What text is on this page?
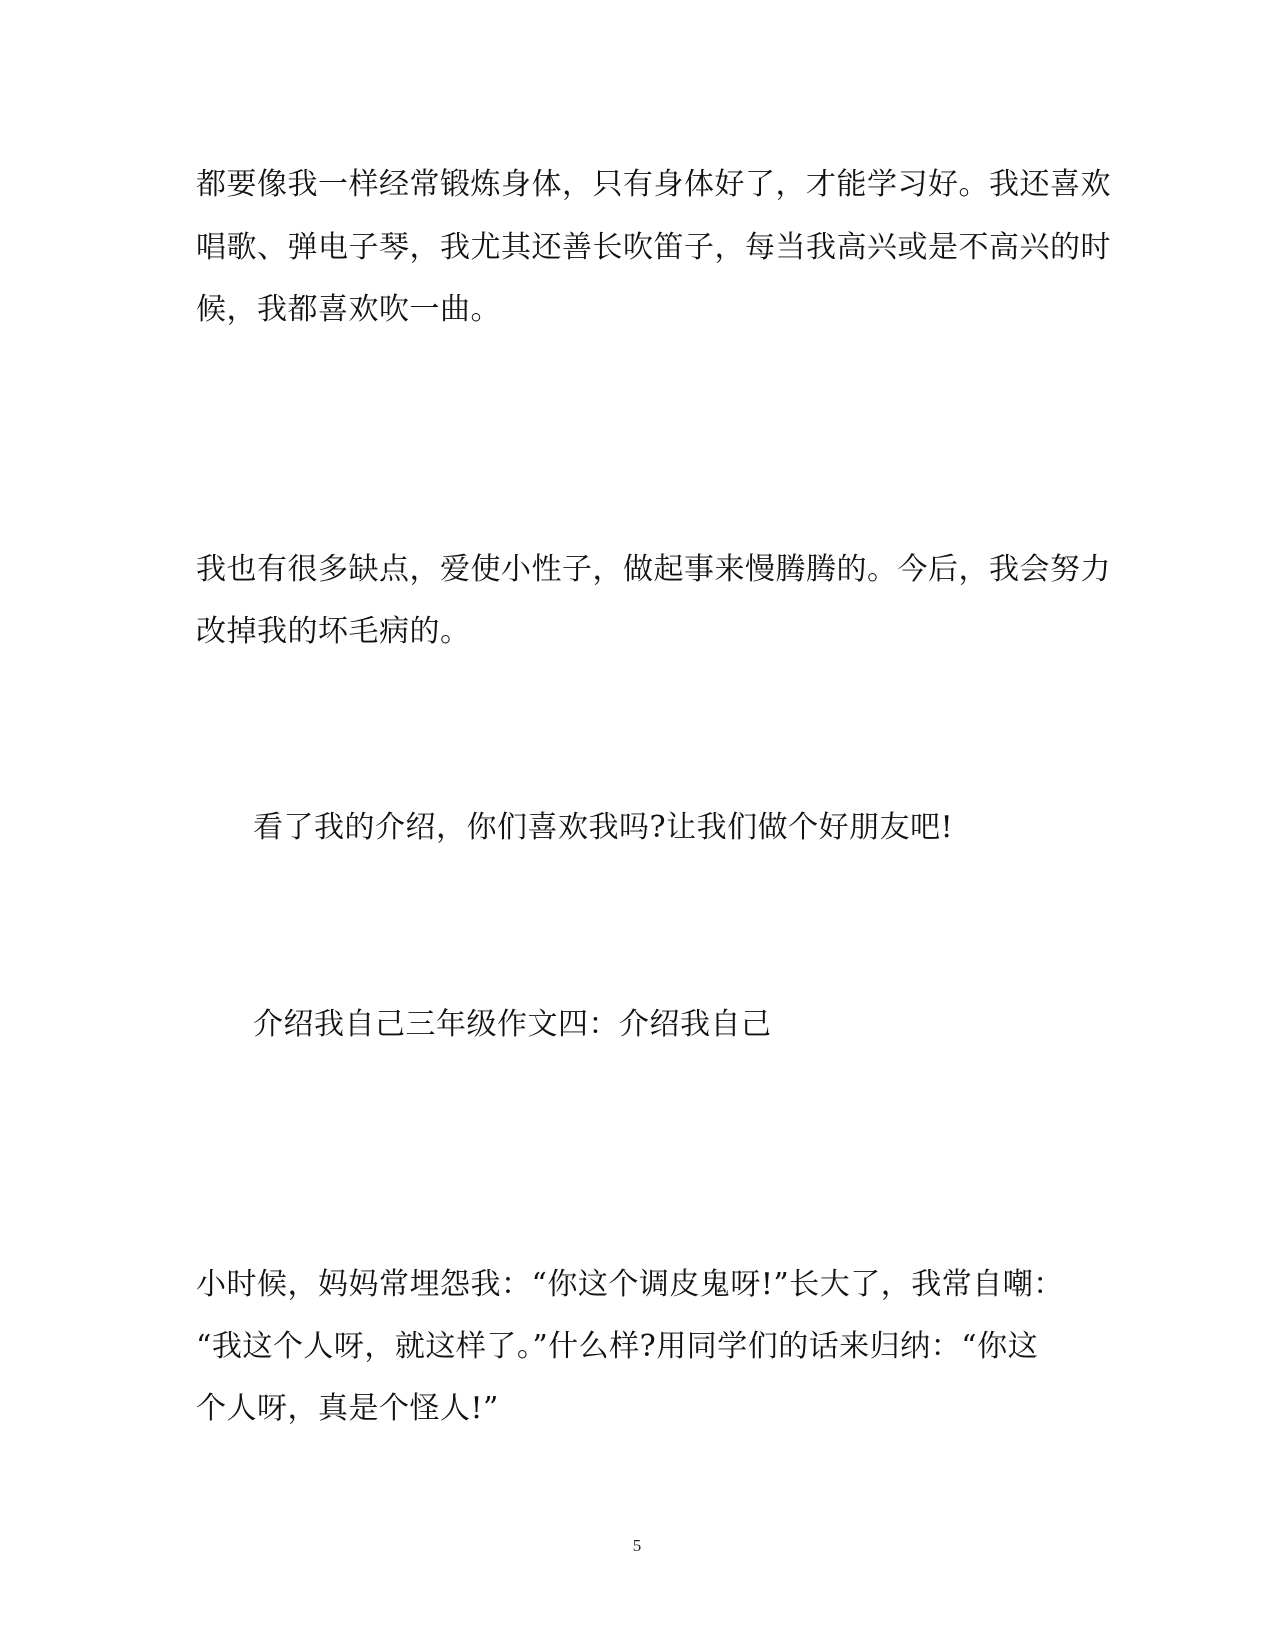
都要像我一样经常锻炼身体，只有身体好了，才能学习好。我还喜欢
唱歌、弹电子琴，我尤其还善长吹笛子，每当我高兴或是不高兴的时
候，我都喜欢吹一曲。
我也有很多缺点，爱使小性子，做起事来慢腾腾的。今后，我会努力
改掉我的坏毛病的。
看了我的介绍，你们喜欢我吗?让我们做个好朋友吧!
介绍我自己三年级作文四：介绍我自己
小时候，妈妈常埋怨我：“你这个调皮鬼呀!”长大了，我常自嘲：
“我这个人呀，就这样了。”什么样?用同学们的话来归纳：“你这
个人呀，真是个怪人!”
5
